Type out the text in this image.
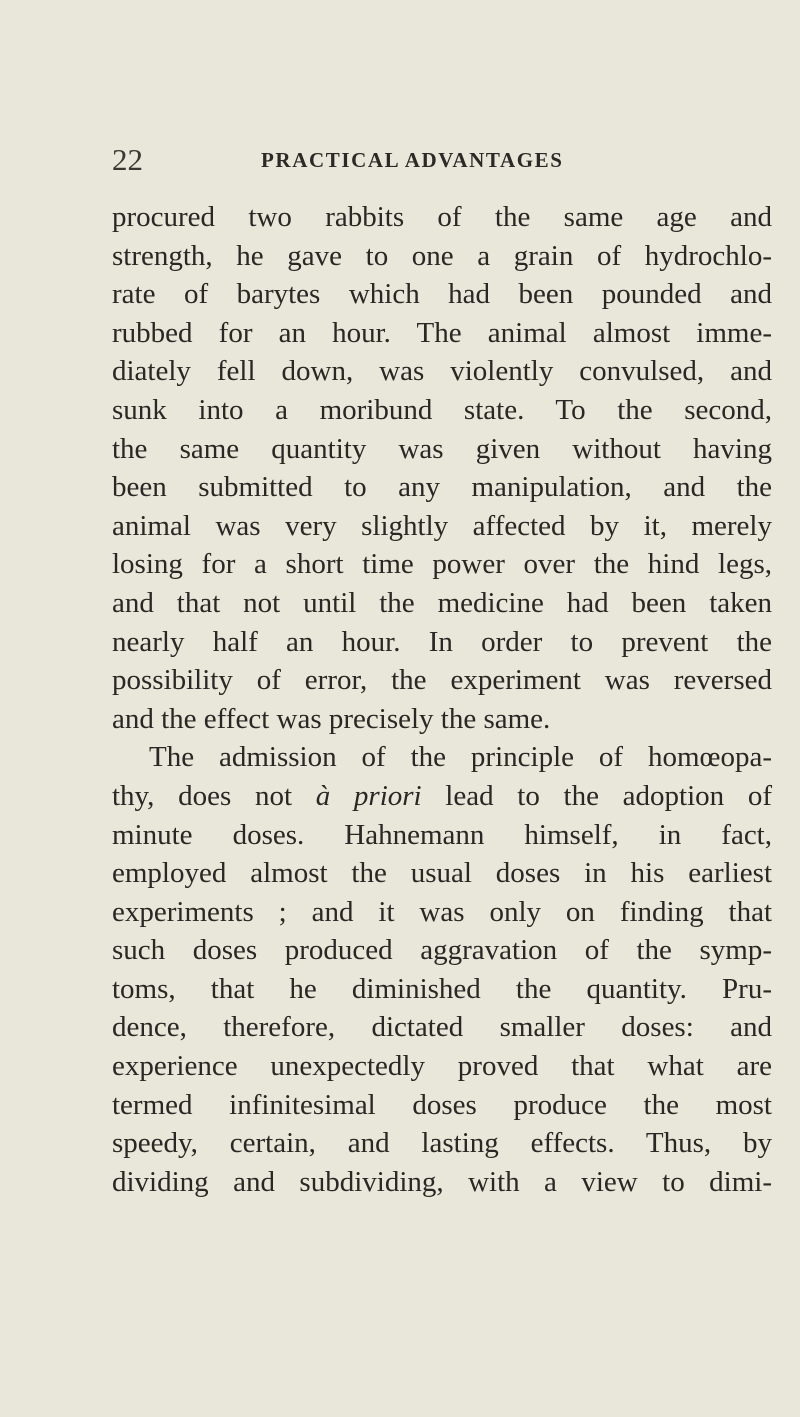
22	PRACTICAL ADVANTAGES
procured two rabbits of the same age and
strength, he gave to one a grain of hydrochlo-
rate of barytes which had been pounded and
rubbed for an hour. The animal almost imme-
diately fell down, was violently convulsed, and
sunk into a moribund state. To the second,
the same quantity was given without having
been submitted to any manipulation, and the
animal was very slightly affected by it, merely
losing for a short time power over the hind legs,
and that not until the medicine had been taken
nearly half an hour. In order to prevent the
possibility of error, the experiment was reversed
and the effect was precisely the same.
The admission of the principle of homœopa-
thy, does not à priori lead to the adoption of
minute doses. Hahnemann himself, in fact,
employed almost the usual doses in his earliest
experiments ; and it was only on finding that
such doses produced aggravation of the symp-
toms, that he diminished the quantity. Pru-
dence, therefore, dictated smaller doses: and
experience unexpectedly proved that what are
termed infinitesimal doses produce the most
speedy, certain, and lasting effects. Thus, by
dividing and subdividing, with a view to dimi-
